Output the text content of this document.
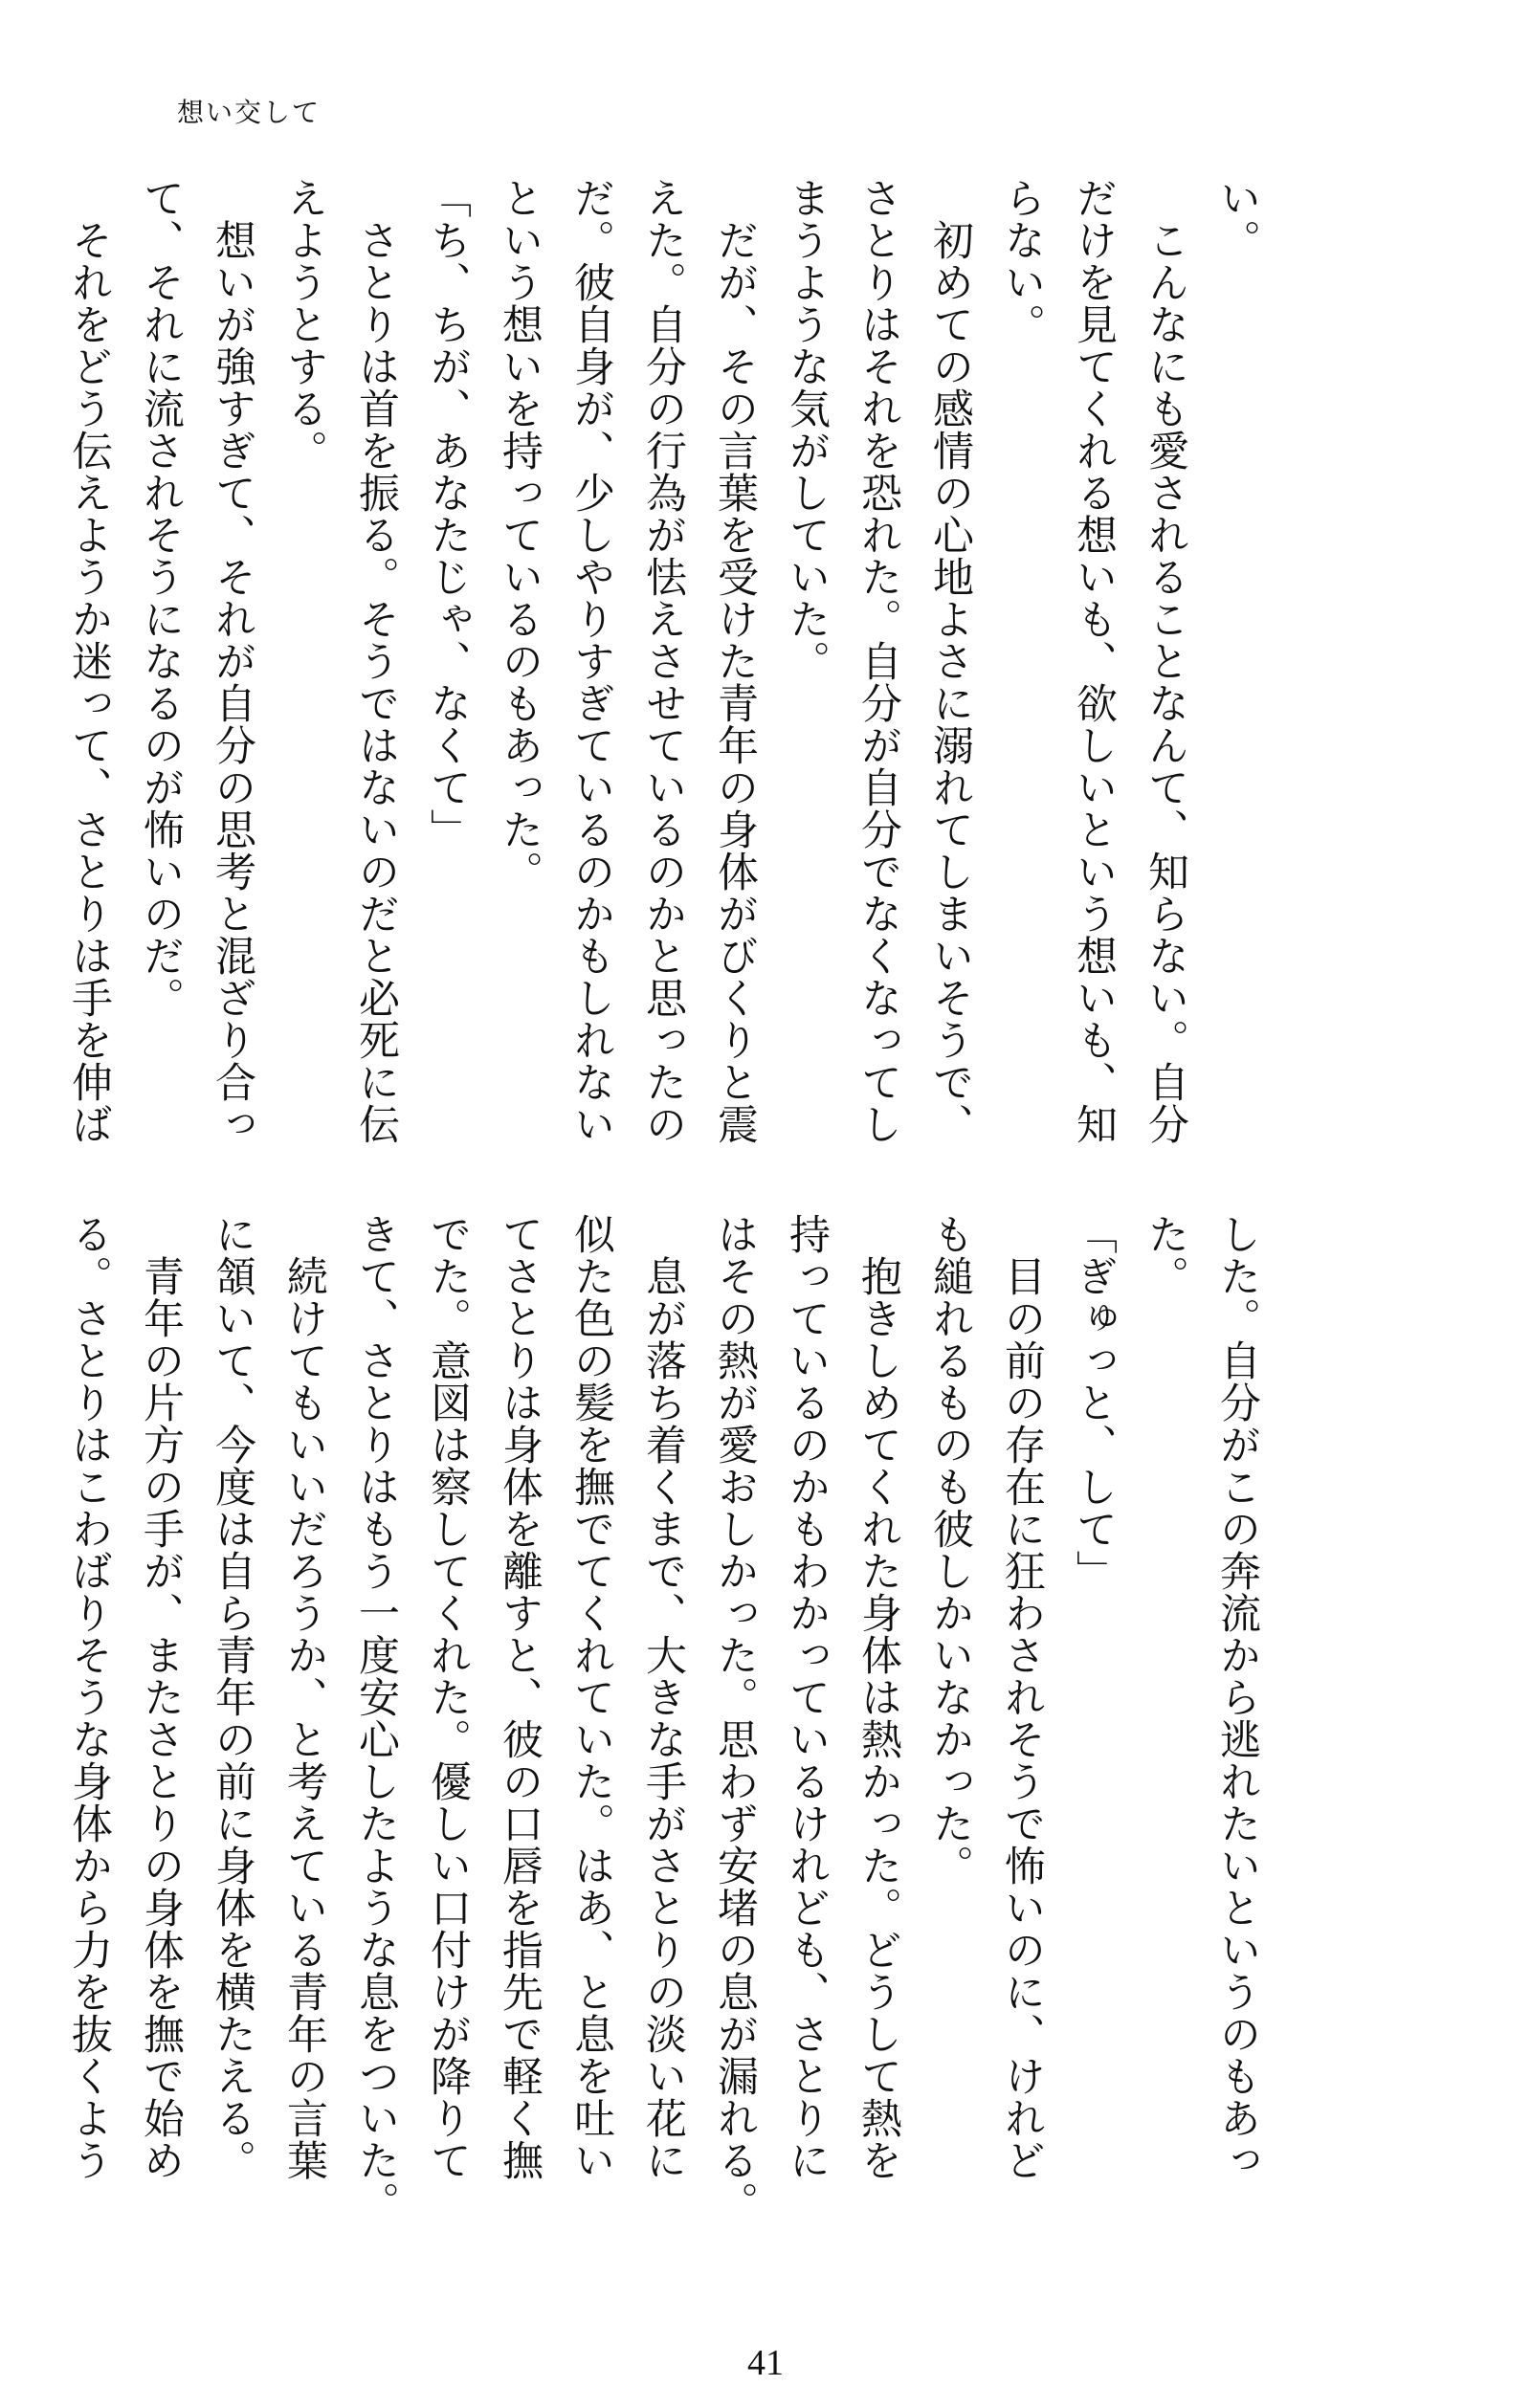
想い交して
い。
　こんなにも愛されることなんて、知らない。自分
だけを見てくれる想いも、欲しいという想いも、知
らない。
　初めての感情の心地よさに溺れてしまいそうで、
さとりはそれを恐れた。自分が自分でなくなってし
まうような気がしていた。
　だが、その言葉を受けた青年の身体がびくりと震
えた。自分の行為が怯えさせているのかと思ったの
だ。彼自身が、少しやりすぎているのかもしれない
という想いを持っているのもあった。
「ち、ちが、あなたじゃ、なくて」
　さとりは首を振る。そうではないのだと必死に伝
えようとする。
　想いが強すぎて、それが自分の思考と混ざり合っ
て、それに流されそうになるのが怖いのだ。
　それをどう伝えようか迷って、さとりは手を伸ば
した。自分がこの奔流から逃れたいというのもあっ
た。
「ぎゅっと、して」
　目の前の存在に狂わされそうで怖いのに、けれど
も縋れるものも彼しかいなかった。
　抱きしめてくれた身体は熱かった。どうして熱を
持っているのかもわかっているけれども、さとりに
はその熱が愛おしかった。思わず安堵の息が漏れる。
　息が落ち着くまで、大きな手がさとりの淡い花に
似た色の髪を撫でてくれていた。はあ、と息を吐い
てさとりは身体を離すと、彼の口唇を指先で軽く撫
でた。意図は察してくれた。優しい口付けが降りて
きて、さとりはもう一度安心したような息をついた。
　続けてもいいだろうか、と考えている青年の言葉
に頷いて、今度は自ら青年の前に身体を横たえる。
　青年の片方の手が、またさとりの身体を撫で始め
る。さとりはこわばりそうな身体から力を抜くよう
41
